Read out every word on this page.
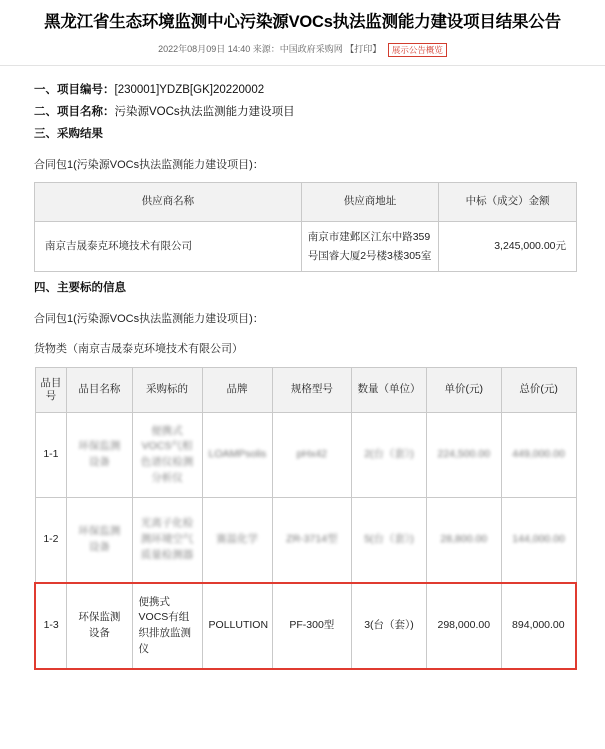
黑龙江省生态环境监测中心污染源VOCs执法监测能力建设项目结果公告
2022年08月09日 14:40 来源：中国政府采购网 【打印】 展示公告概览
一、项目编号：[230001]YDZB[GK]20220002
二、项目名称：污染源VOCs执法监测能力建设项目
三、采购结果
合同包1(污染源VOCs执法监测能力建设项目)：
供应商名称	供应商地址	中标（成交）金额
南京吉晟泰克环境技术有限公司	南京市建邺区江东中路359号国睿大厦2号楼3楼305室	3,245,000.00元
四、主要标的信息
合同包1(污染源VOCs执法监测能力建设项目)：
货物类（南京吉晟泰克环境技术有限公司）
品目号	品目名称	采购标的	品牌	规格型号	数量（单位）	单价(元)	总价(元)
1-1	环保监测设备	便携式VOCS气相色谱仪检测分析仪	LOAMPsolis	pHx42	2(台（套）)	224,500.00	449,000.00
1-2	环保监测设备	光离子化检测环境空气质量检测器	赛温化学	ZR-3714型	5(台（套）)	28,800.00	144,000.00
1-3	环保监测设备	便携式VOCS有组织排放监测仪	POLLUTION	PF-300型	3(台（套）)	298,000.00	894,000.00
